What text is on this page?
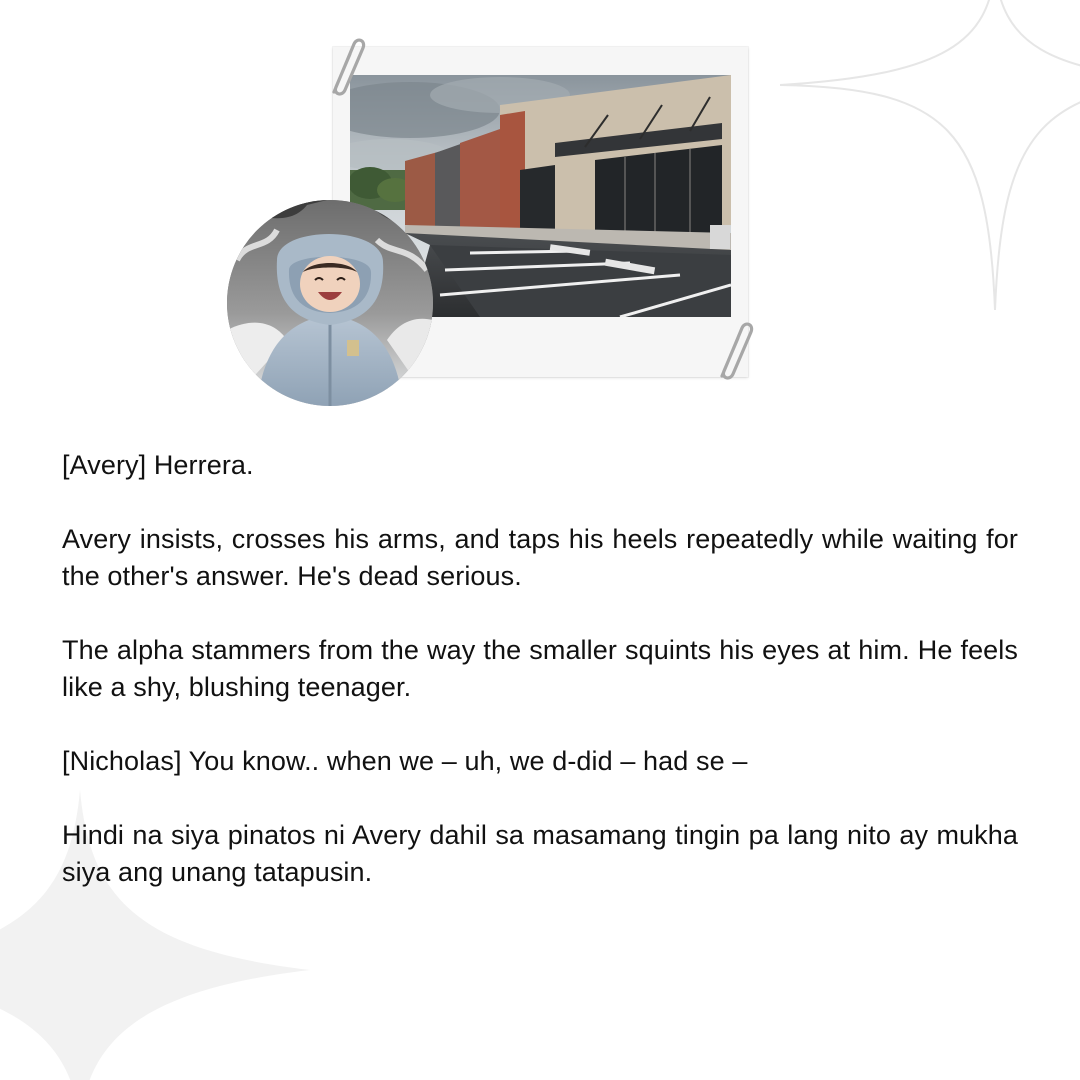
[Avery] Herrera.

Avery insists, crosses his arms, and taps his heels repeatedly while waiting for the other's answer. He's dead serious.

The alpha stammers from the way the smaller squints his eyes at him. He feels like a shy, blushing teenager.

[Nicholas] You know.. when we – uh, we d-did – had se –

Hindi na siya pinatos ni Avery dahil sa masamang tingin pa lang nito ay mukha siya ang unang tatapusin.
